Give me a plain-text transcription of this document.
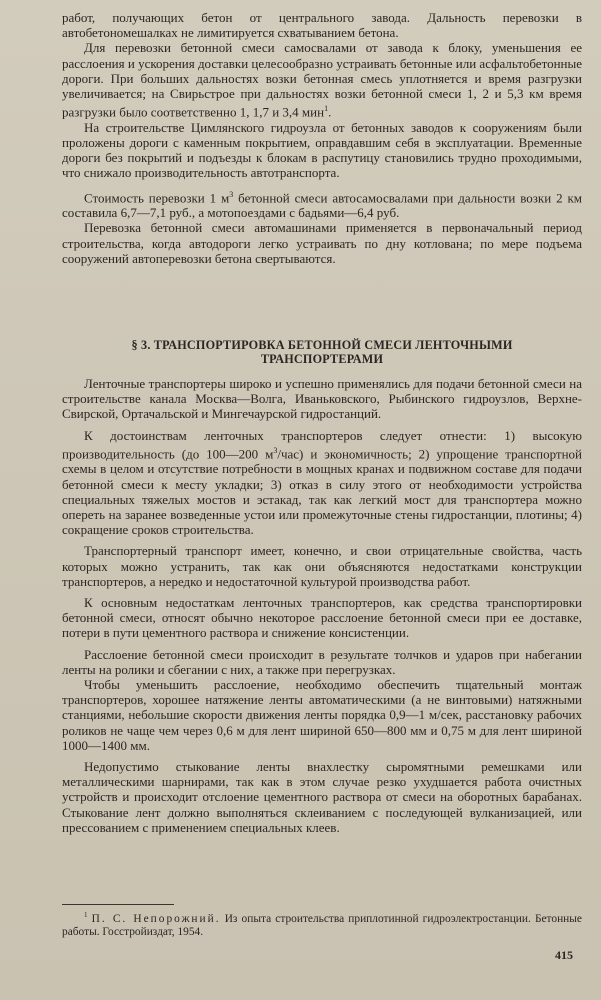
работ, получающих бетон от центрального завода. Дальность перевозки в автобетономешалках не лимитируется схватыванием бетона.

Для перевозки бетонной смеси самосвалами от завода к блоку, уменьшения ее расслоения и ускорения доставки целесообразно устраивать бетонные или асфальтобетонные дороги. При больших дальностях возки бетонная смесь уплотняется и время разгрузки увеличивается; на Свирьстрое при дальностях возки бетонной смеси 1, 2 и 5,3 км время разгрузки было соответственно 1, 1,7 и 3,4 мин$^1$.

На строительстве Цимлянского гидроузла от бетонных заводов к сооружениям были проложены дороги с каменным покрытием, оправдавшим себя в эксплуатации. Временные дороги без покрытий и подъезды к блокам в распутицу становились трудно проходимыми, что снижало производительность автотранспорта.

Стоимость перевозки 1 $м^3$ бетонной смеси автосамосвалами при дальности возки 2 км составила 6,7—7,1 руб., а мотопоездами с бадьями—6,4 руб.

Перевозка бетонной смеси автомашинами применяется в первоначальный период строительства, когда автодороги легко устраивать по дну котлована; по мере подъема сооружений автоперевозки бетона свертываются.

§ 3. ТРАНСПОРТИРОВКА БЕТОННОЙ СМЕСИ ЛЕНТОЧНЫМИ
ТРАНСПОРТЕРАМИ

Ленточные транспортеры широко и успешно применялись для подачи бетонной смеси на строительстве канала Москва—Волга, Иваньковского, Рыбинского гидроузлов, Верхне-Свирской, Ортачальской и Мингечаурской гидростанций.

К достоинствам ленточных транспортеров следует отнести: 1) высокую производительность (до 100—200 $м^3/час$) и экономичность; 2) упрощение транспортной схемы в целом и отсутствие потребности в мощных кранах и подвижном составе для подачи бетонной смеси к месту укладки; 3) отказ в силу этого от необходимости устройства специальных тяжелых мостов и эстакад, так как легкий мост для транспортера можно опереть на заранее возведенные устои или промежуточные стены гидростанции, плотины; 4) сокращение сроков строительства.

Транспортерный транспорт имеет, конечно, и свои отрицательные свойства, часть которых можно устранить, так как они объясняются недостатками конструкции транспортеров, а нередко и недостаточной культурой производства работ.

К основным недостаткам ленточных транспортеров, как средства транспортировки бетонной смеси, относят обычно некоторое расслоение бетонной смеси при ее доставке, потери в пути цементного раствора и снижение консистенции.

Расслоение бетонной смеси происходит в результате толчков и ударов при набегании ленты на ролики и сбегании с них, а также при перегрузках.

Чтобы уменьшить расслоение, необходимо обеспечить тщательный монтаж транспортеров, хорошее натяжение ленты автоматическими (а не винтовыми) натяжными станциями, небольшие скорости движения ленты порядка 0,9—1 м/сек, расстановку рабочих роликов не чаще чем через 0,6 м для лент шириной 650—800 мм и 0,75 м для лент шириной 1000—1400 мм.

Недопустимо стыкование ленты внахлестку сыромятными ремешками или металлическими шарнирами, так как в этом случае резко ухудшается работа очистных устройств и происходит отслоение цементного раствора от смеси на оборотных барабанах. Стыкование лент должно выполняться склеиванием с последующей вулканизацией, или прессованием с применением специальных клеев.

$^1$ П. С. Непорожний. Из опыта строительства приплотинной гидроэлектростанции. Бетонные работы. Госстройиздат, 1954.

415
